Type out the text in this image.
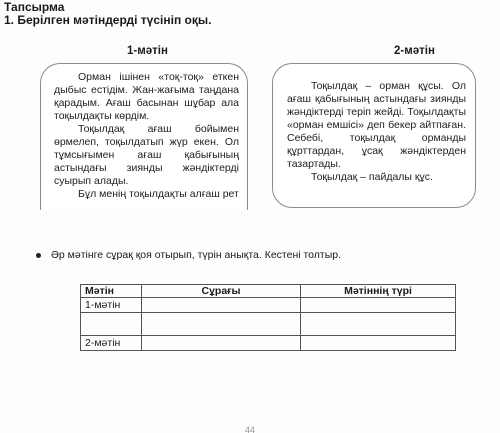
Тапсырма
1. Берілген мәтіндерді түсініп оқы.
1-мәтін	2-мәтін

Орман ішінен «тоқ-тоқ» еткен дыбыс естідім. Жан-жағыма таңдана қарадым. Ағаш басынан шұбар ала тоқылдақты көрдім.

Тоқылдақ ағаш бойымен өрмелеп, тоқылдатып жүр екен. Ол тұмсығымен ағаш қабығының астындағы зиянды жәндіктерді суырып алады.

Бұл менің тоқылдақты алғаш рет

Тоқылдақ – орман құсы. Ол ағаш қабығының астындағы зиянды жәндіктерді теріп жейді. Тоқылдақты «орман емшісі» деп бекер айтпаған. Себебі, тоқылдақ орманды құрттардан, ұсақ жәндіктерден тазартады.

Тоқылдақ – пайдалы құс.

Әр мәтінге сұрақ қоя отырып, түрін анықта. Кестені толтыр.
Мәтін	Сұрағы	Мәтіннің түрі
1-мәтін		

2-мәтін		
44
